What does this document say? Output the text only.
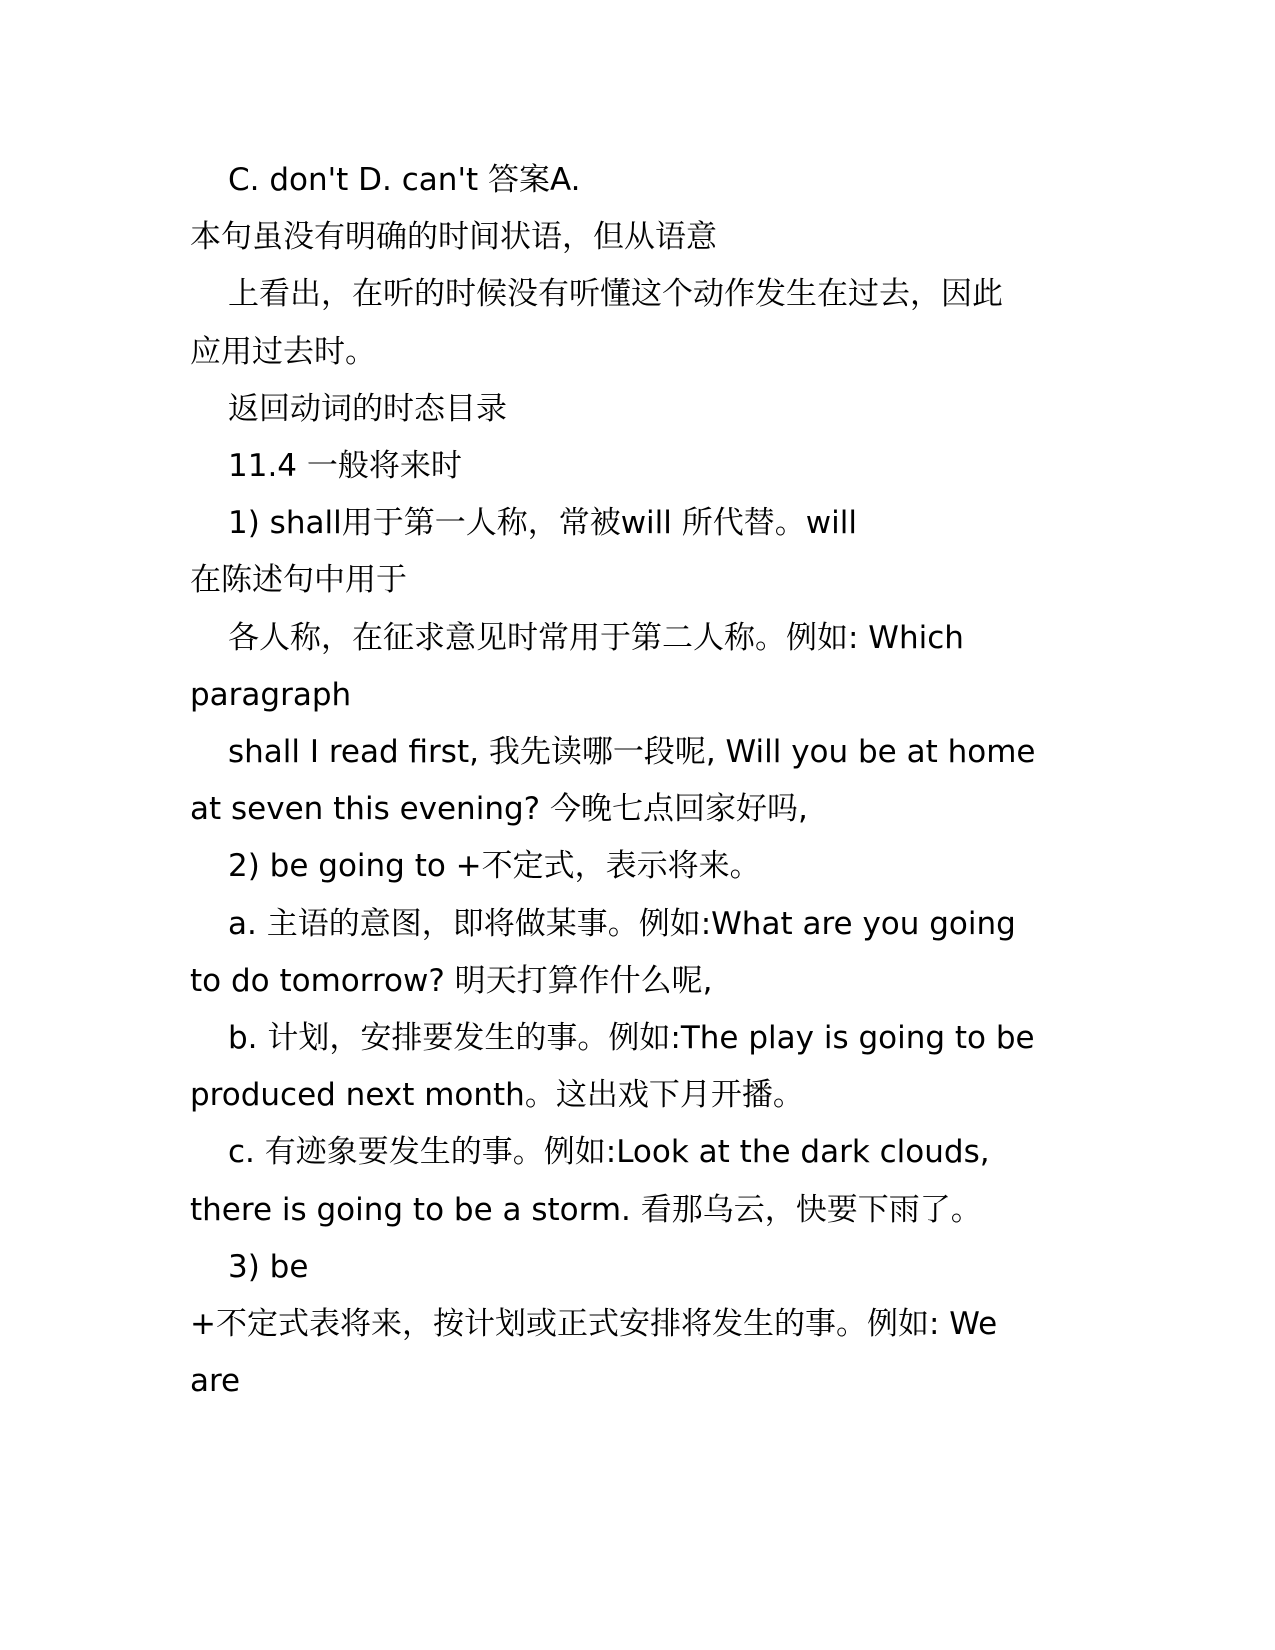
C. don't D. can't 答案A.

本句虽没有明确的时间状语，但从语意

上看出，在听的时候没有听懂这个动作发生在过去，因此

应用过去时。

返回动词的时态目录

11.4 一般将来时

1) shall用于第一人称，常被will 所代替。will

在陈述句中用于

各人称，在征求意见时常用于第二人称。例如: Which

paragraph

shall I read first, 我先读哪一段呢, Will you be at home

at seven this evening? 今晚七点回家好吗,

2) be going to +不定式，表示将来。

a. 主语的意图，即将做某事。例如:What are you going

to do tomorrow? 明天打算作什么呢,

b. 计划，安排要发生的事。例如:The play is going to be

produced next month。这出戏下月开播。

c. 有迹象要发生的事。例如:Look at the dark clouds,

there is going to be a storm. 看那乌云，快要下雨了。

3) be

+不定式表将来，按计划或正式安排将发生的事。例如: We

are
